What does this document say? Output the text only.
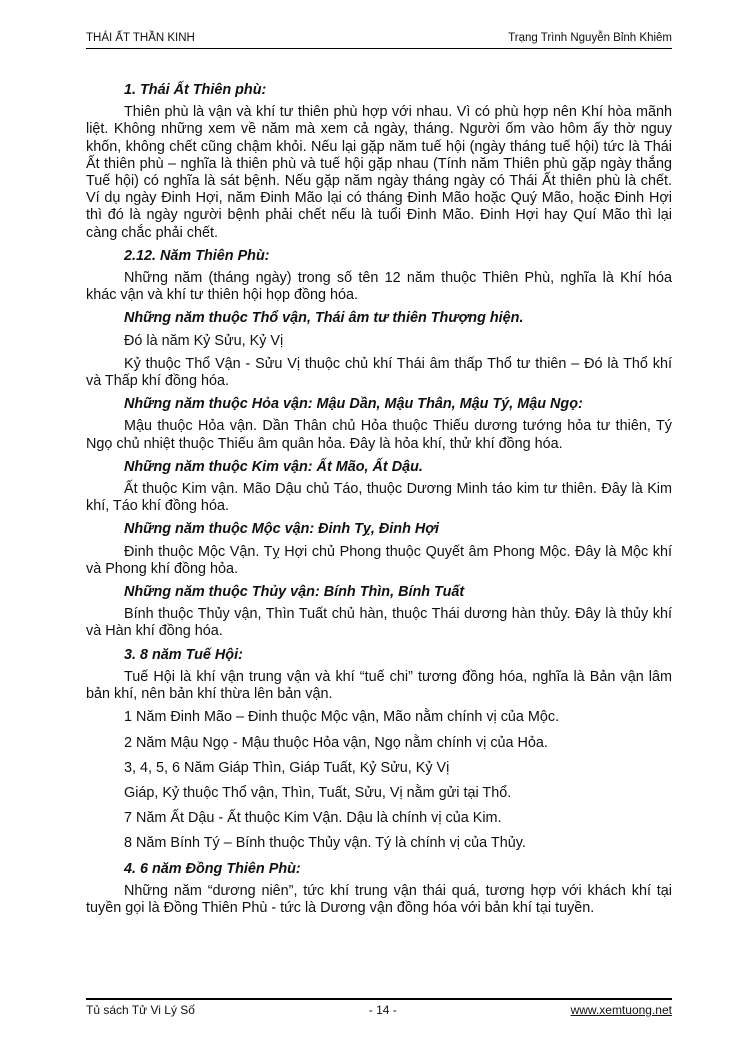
THÁI ẤT THẦN KINH	Trạng Trình Nguyễn Bỉnh Khiêm
1. Thái Ất Thiên phù:

Thiên phù là vận và khí tư thiên phù hợp với nhau. Vì có phù hợp nên Khí hòa mãnh liệt. Không những xem về năm mà xem cả ngày, tháng. Người ốm vào hôm ấy thờ nguy khốn, không chết cũng chậm khỏi. Nếu lại gặp năm tuế hội (ngày tháng tuế hội) tức là Thái Ất thiên phù – nghĩa là thiên phù và tuế hội gặp nhau (Tính năm Thiên phù gặp ngày thắng Tuế hội) có nghĩa là sát bệnh. Nếu gặp năm ngày tháng ngày có Thái Ất thiên phù là chết. Ví dụ ngày Đinh Hợi, năm Đinh Mão lại có tháng Đinh Mão hoặc Quý Mão, hoặc Đinh Hợi thì đó là ngày người bệnh phải chết nếu là tuổi Đinh Mão. Đinh Hợi hay Quí Mão thì lại càng chắc phải chết.

2.12. Năm Thiên Phù:

Những năm (tháng ngày) trong số tên 12 năm thuộc Thiên Phù, nghĩa là Khí hóa khác vận và khí tư thiên hội họp đồng hóa.

Những năm thuộc Thổ vận, Thái âm tư thiên Thượng hiện.

Đó là năm Kỷ Sửu, Kỷ Vị

Kỷ thuộc Thổ Vận - Sửu Vị thuộc chủ khí Thái âm thấp Thổ tư thiên – Đó là Thổ khí và Thấp khí đồng hóa.

Những năm thuộc Hỏa vận: Mậu Dần, Mậu Thân, Mậu Tý, Mậu Ngọ:

Mậu thuộc Hỏa vận. Dần Thân chủ Hỏa thuộc Thiếu dương tướng hỏa tư thiên, Tý Ngọ chủ nhiệt thuộc Thiếu âm quân hỏa. Đây là hỏa khí, thử khí đồng hóa.

Những năm thuộc Kim vận: Ất Mão, Ất Dậu.

Ất thuộc Kim vận. Mão Dậu chủ Táo, thuộc Dương Minh táo kim tư thiên. Đây là Kim khí, Táo khí đồng hóa.

Những năm thuộc Mộc vận: Đinh Tỵ, Đinh Hợi

Đinh thuộc Mộc Vận. Tỵ Hợi chủ Phong thuộc Quyết âm Phong Mộc. Đây là Mộc khí và Phong khí đồng hỏa.

Những năm thuộc Thủy vận: Bính Thìn, Bính Tuất

Bính thuộc Thủy vận, Thìn Tuất chủ hàn, thuộc Thái dương hàn thủy. Đây là thủy khí và Hàn khí đồng hóa.

3. 8 năm Tuế Hội:

Tuế Hội là khí vận trung vận và khí “tuế chi” tương đồng hóa, nghĩa là Bản vận lâm bản khí, nên bản khí thừa lên bản vận.

1 Năm Đinh Mão – Đinh thuộc Mộc vận, Mão nằm chính vị của Mộc.
2 Năm Mậu Ngọ - Mậu thuộc Hỏa vận, Ngọ nằm chính vị của Hỏa.
3, 4, 5, 6 Năm Giáp Thìn, Giáp Tuất, Kỷ Sửu, Kỷ Vị
Giáp, Kỷ thuộc Thổ vận, Thìn, Tuất, Sửu, Vị nằm gửi tại Thổ.
7 Năm Ất Dậu - Ất thuộc Kim Vận. Dậu là chính vị của Kim.
8 Năm Bính Tý – Bính thuộc Thủy vận. Tý là chính vị của Thủy.
4. 6 năm Đồng Thiên Phù:

Những năm “dương niên”, tức khí trung vận thái quá, tương hợp với khách khí tại tuyền gọi là Đồng Thiên Phù - tức là Dương vận đồng hóa với bản khí tại tuyền.

Tủ sách Tử Vi Lý Số	- 14 -	www.xemtuong.net
